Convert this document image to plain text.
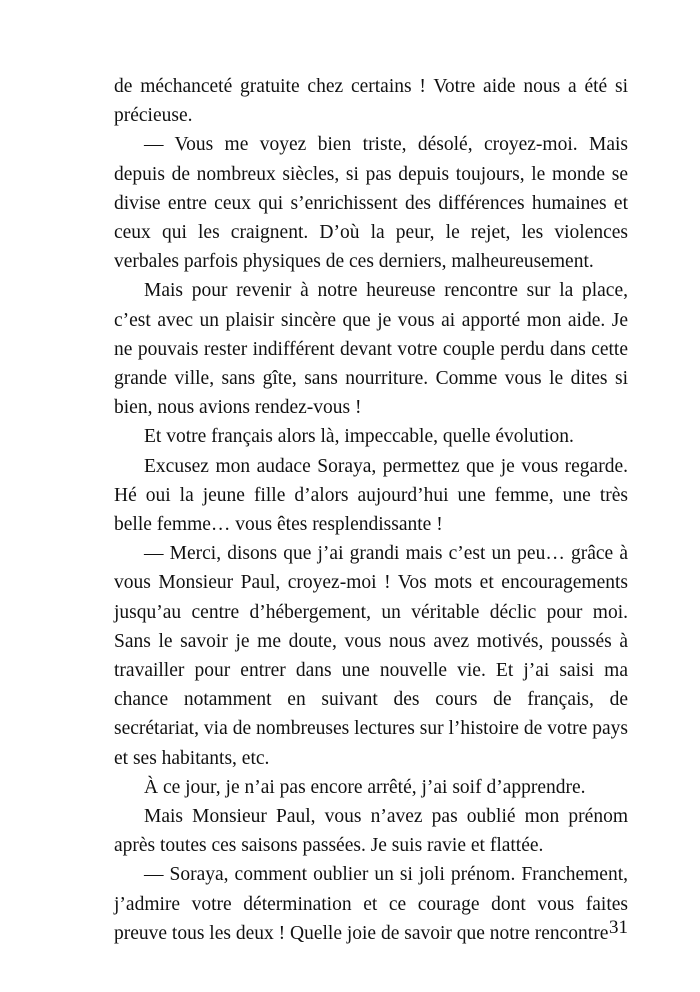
de méchanceté gratuite chez certains ! Votre aide nous a été si précieuse.

— Vous me voyez bien triste, désolé, croyez-moi. Mais depuis de nombreux siècles, si pas depuis toujours, le monde se divise entre ceux qui s’enrichissent des différences humaines et ceux qui les craignent. D’où la peur, le rejet, les violences verbales parfois physiques de ces derniers, malheureusement.

Mais pour revenir à notre heureuse rencontre sur la place, c’est avec un plaisir sincère que je vous ai apporté mon aide. Je ne pouvais rester indifférent devant votre couple perdu dans cette grande ville, sans gîte, sans nourriture. Comme vous le dites si bien, nous avions rendez-vous !

Et votre français alors là, impeccable, quelle évolution.

Excusez mon audace Soraya, permettez que je vous regarde. Hé oui la jeune fille d’alors aujourd’hui une femme, une très belle femme… vous êtes resplendissante !

— Merci, disons que j’ai grandi mais c’est un peu… grâce à vous Monsieur Paul, croyez-moi ! Vos mots et encouragements jusqu’au centre d’hébergement, un véritable déclic pour moi. Sans le savoir je me doute, vous nous avez motivés, poussés à travailler pour entrer dans une nouvelle vie. Et j’ai saisi ma chance notamment en suivant des cours de français, de secrétariat, via de nombreuses lectures sur l’histoire de votre pays et ses habitants, etc.

À ce jour, je n’ai pas encore arrêté, j’ai soif d’apprendre.

Mais Monsieur Paul, vous n’avez pas oublié mon prénom après toutes ces saisons passées. Je suis ravie et flattée.

— Soraya, comment oublier un si joli prénom. Franchement, j’admire votre détermination et ce courage dont vous faites preuve tous les deux ! Quelle joie de savoir que notre rencontre 31
